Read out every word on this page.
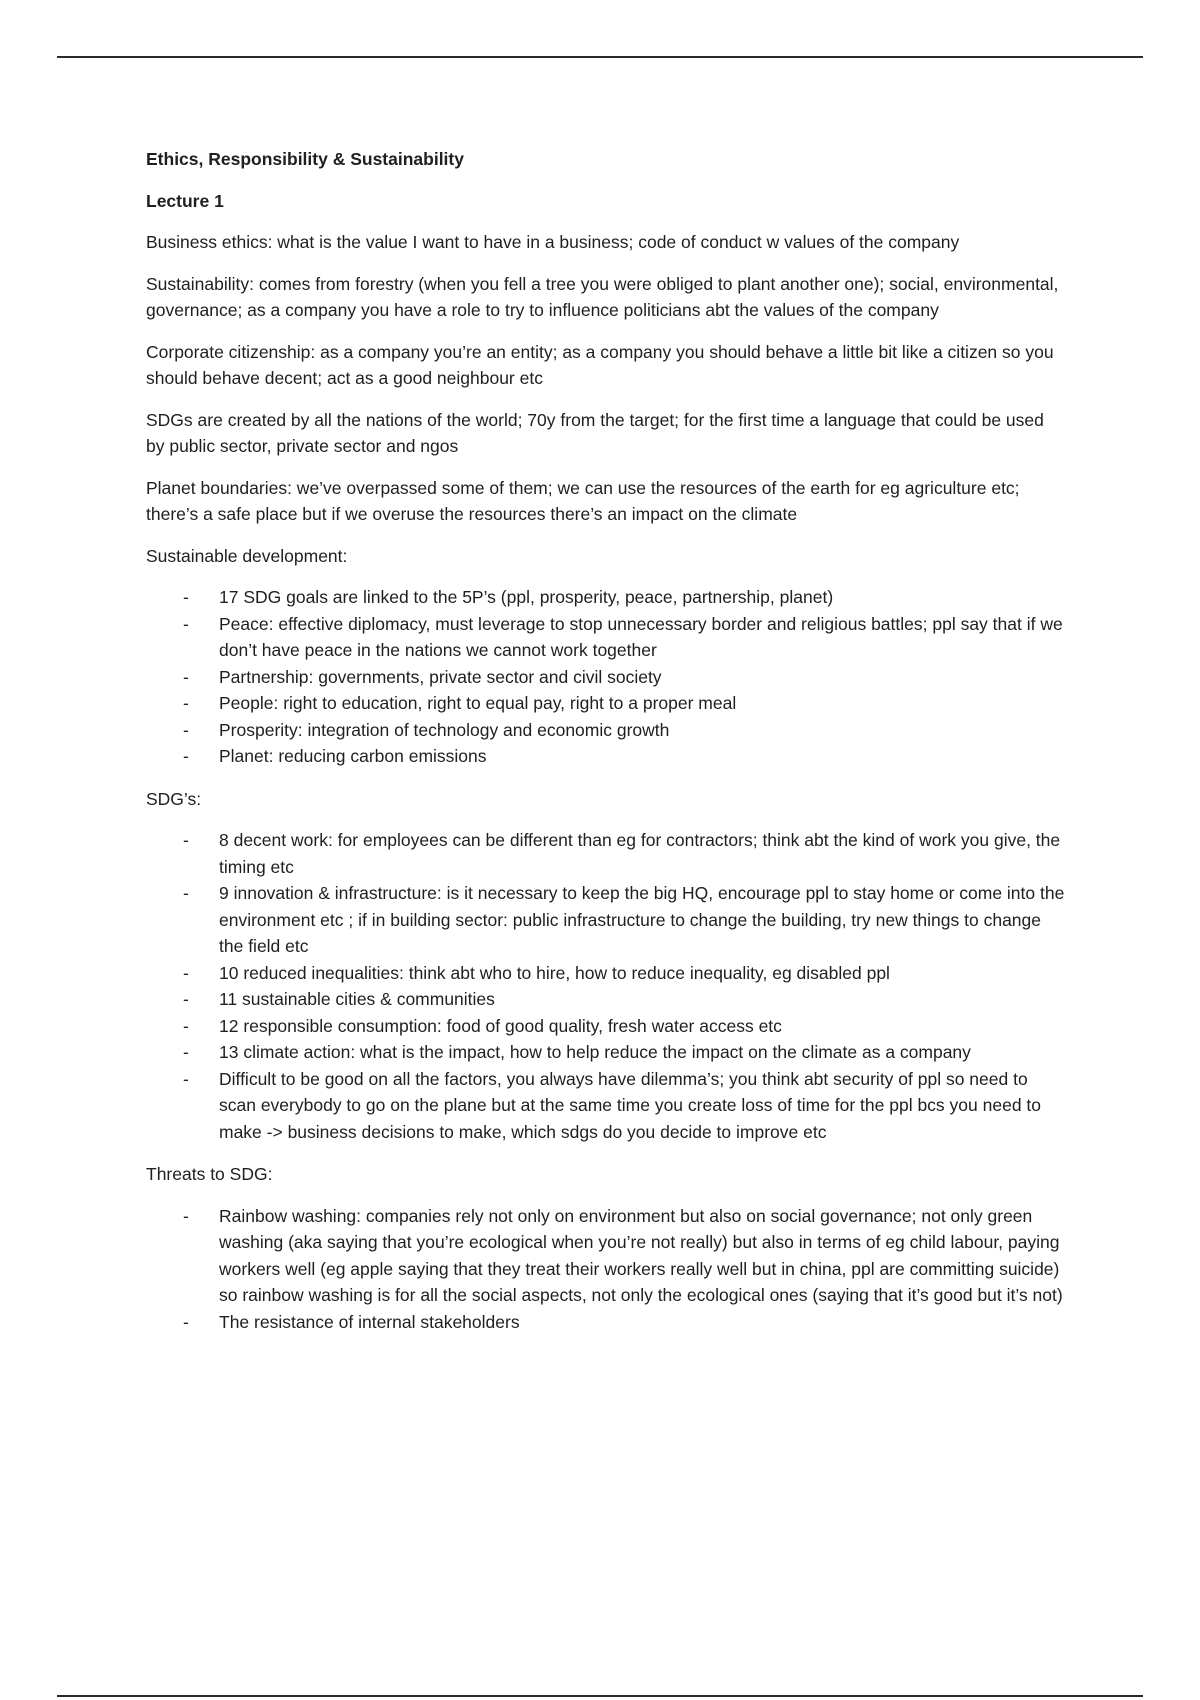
Ethics, Responsibility & Sustainability

Lecture 1

Business ethics: what is the value I want to have in a business; code of conduct w values of the company

Sustainability: comes from forestry (when you fell a tree you were obliged to plant another one); social, environmental, governance; as a company you have a role to try to influence politicians abt the values of the company

Corporate citizenship: as a company you’re an entity; as a company you should behave a little bit like a citizen so you should behave decent; act as a good neighbour etc

SDGs are created by all the nations of the world; 70y from the target; for the first time a language that could be used by public sector, private sector and ngos

Planet boundaries: we’ve overpassed some of them; we can use the resources of the earth for eg agriculture etc; there’s a safe place but if we overuse the resources there’s an impact on the climate

Sustainable development:

- 17 SDG goals are linked to the 5P’s (ppl, prosperity, peace, partnership, planet)
- Peace: effective diplomacy, must leverage to stop unnecessary border and religious battles; ppl say that if we don’t have peace in the nations we cannot work together
- Partnership: governments, private sector and civil society
- People: right to education, right to equal pay, right to a proper meal
- Prosperity: integration of technology and economic growth
- Planet: reducing carbon emissions

SDG’s:

- 8 decent work: for employees can be different than eg for contractors; think abt the kind of work you give, the timing etc
- 9 innovation & infrastructure: is it necessary to keep the big HQ, encourage ppl to stay home or come into the environment etc ; if in building sector: public infrastructure to change the building, try new things to change the field etc
- 10 reduced inequalities: think abt who to hire, how to reduce inequality, eg disabled ppl
- 11 sustainable cities & communities
- 12 responsible consumption: food of good quality, fresh water access etc
- 13 climate action: what is the impact, how to help reduce the impact on the climate as a company
- Difficult to be good on all the factors, you always have dilemma’s; you think abt security of ppl so need to scan everybody to go on the plane but at the same time you create loss of time for the ppl bcs you need to make -> business decisions to make, which sdgs do you decide to improve etc

Threats to SDG:

- Rainbow washing: companies rely not only on environment but also on social governance; not only green washing (aka saying that you’re ecological when you’re not really) but also in terms of eg child labour, paying workers well (eg apple saying that they treat their workers really well but in china, ppl are committing suicide) so rainbow washing is for all the social aspects, not only the ecological ones (saying that it’s good but it’s not)
- The resistance of internal stakeholders
